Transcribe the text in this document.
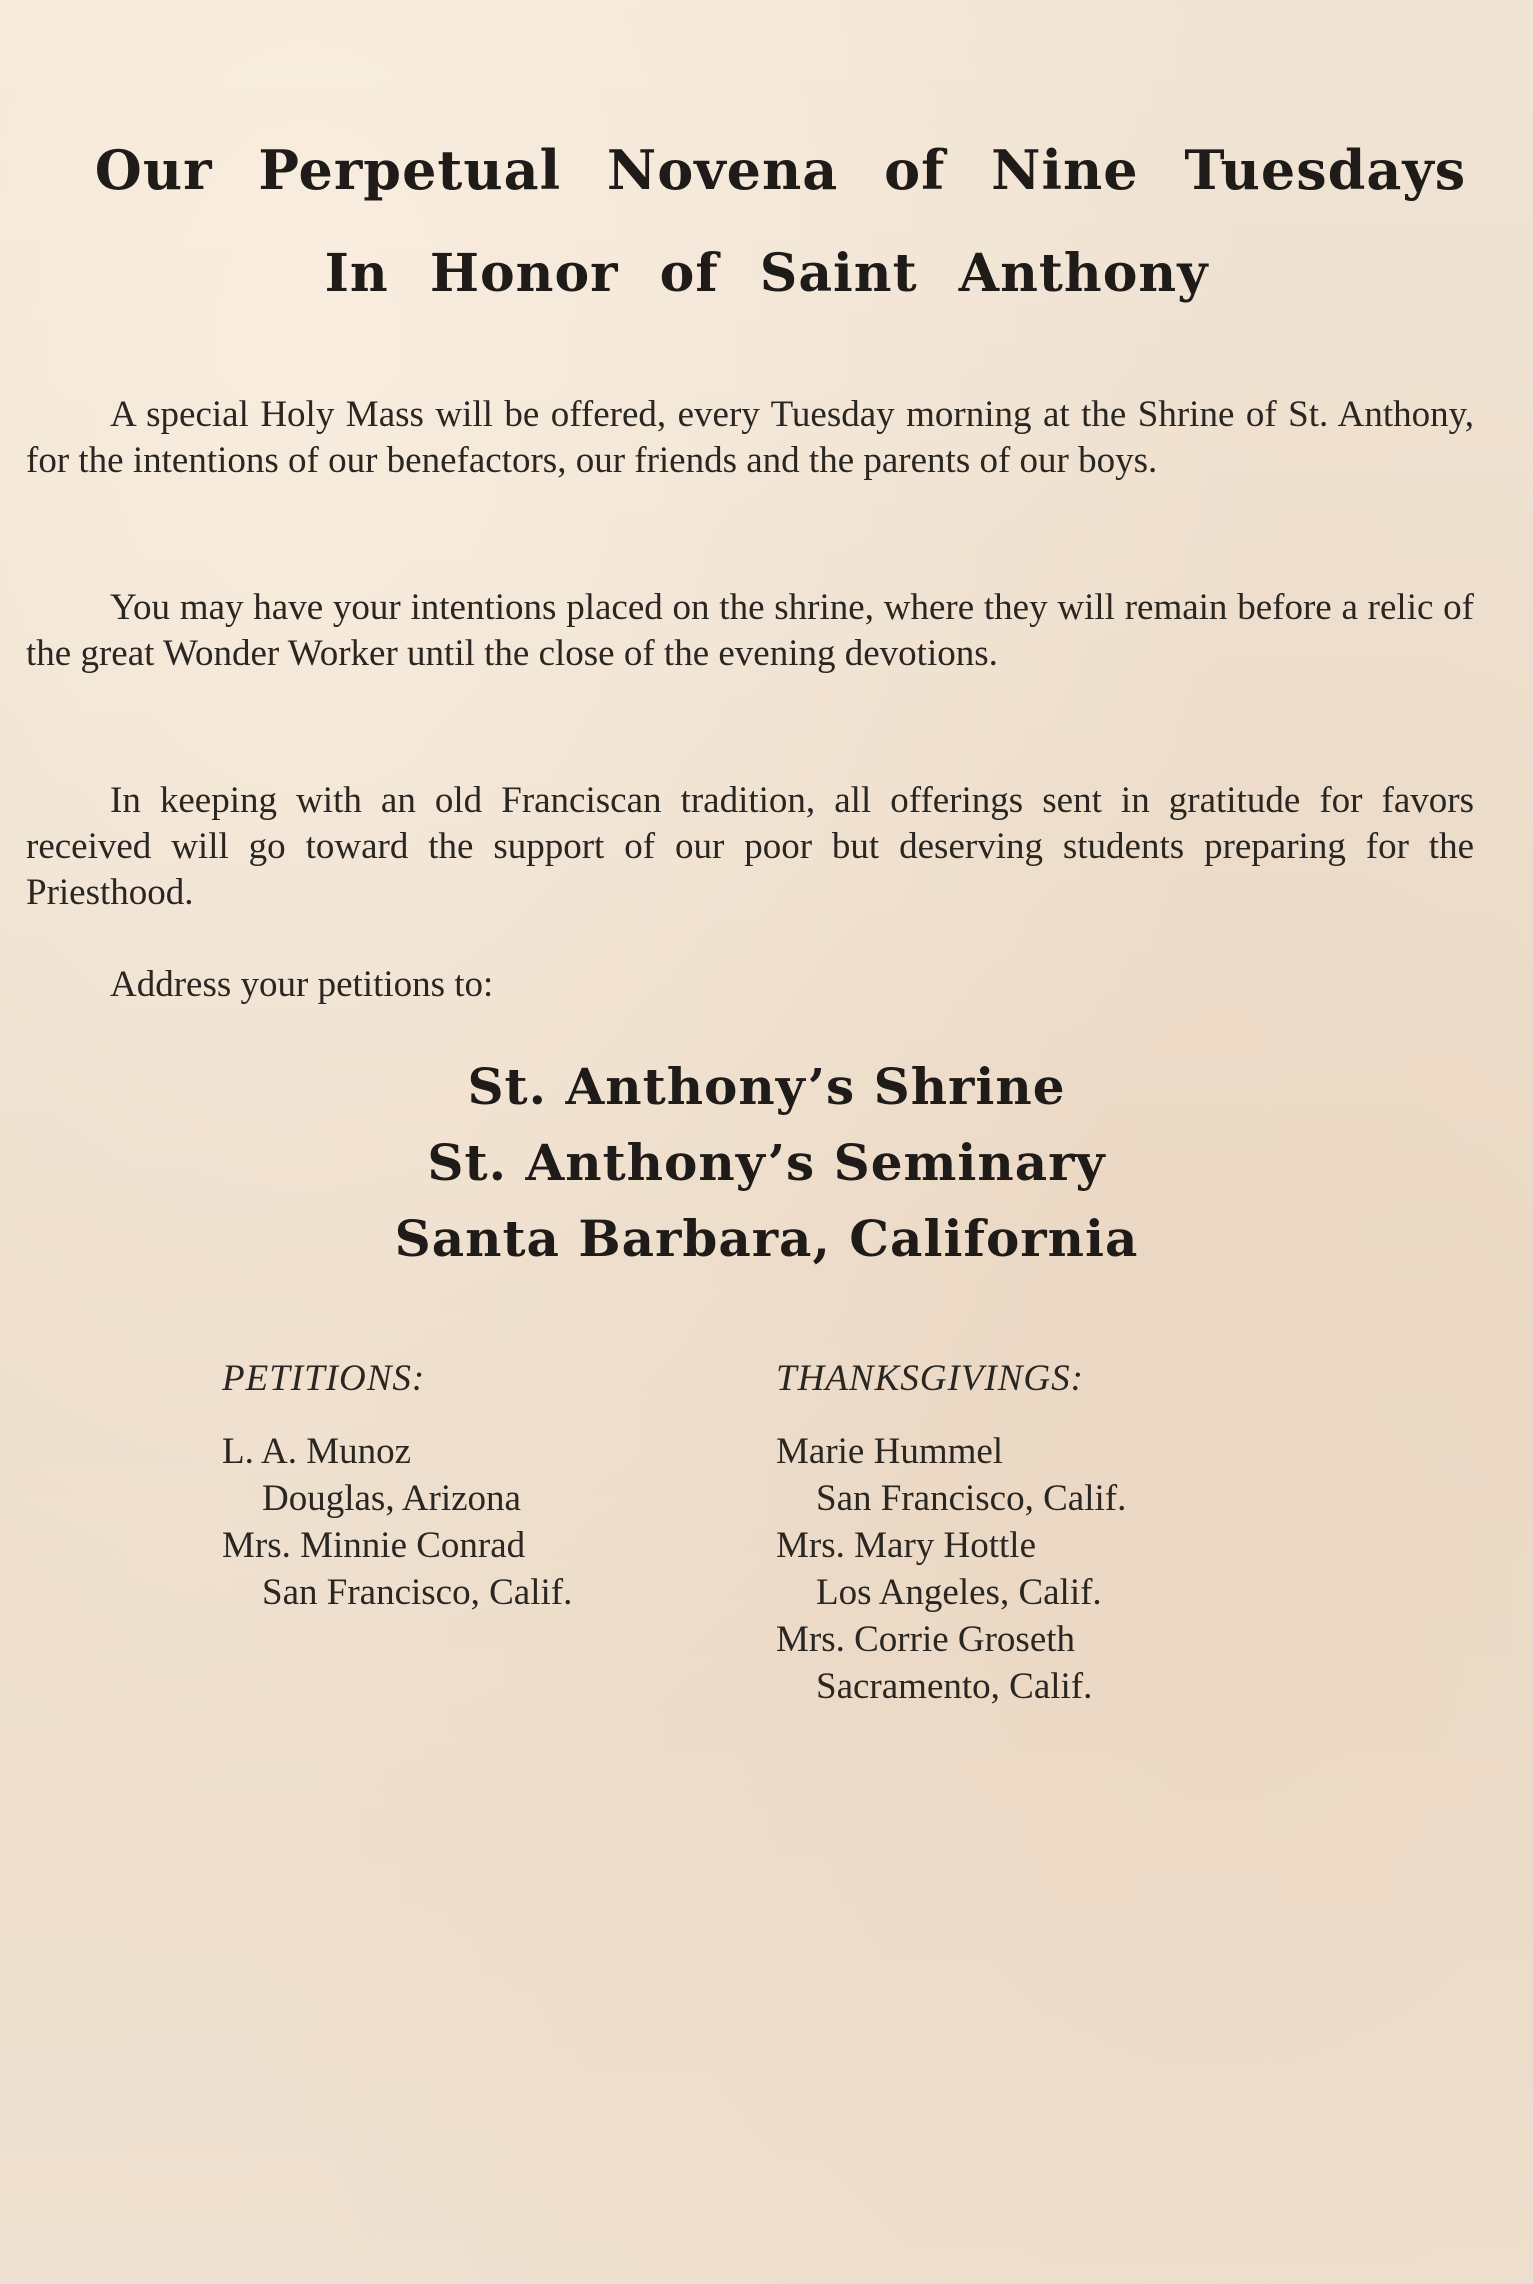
Our Perpetual Novena of Nine Tuesdays
In Honor of Saint Anthony

A special Holy Mass will be offered, every Tuesday morning at the Shrine of St. Anthony, for the intentions of our benefactors, our friends and the parents of our boys.

You may have your intentions placed on the shrine, where they will remain before a relic of the great Wonder Worker until the close of the evening devotions.

In keeping with an old Franciscan tradition, all offerings sent in gratitude for favors received will go toward the support of our poor but deserving students preparing for the Priesthood.

Address your petitions to:

St. Anthony’s Shrine

St. Anthony’s Seminary

Santa Barbara, California

PETITIONS:

L. A. Munoz
Douglas, Arizona
Mrs. Minnie Conrad
San Francisco, Calif.

THANKSGIVINGS:

Marie Hummel
San Francisco, Calif.
Mrs. Mary Hottle
Los Angeles, Calif.
Mrs. Corrie Groseth
Sacramento, Calif.
